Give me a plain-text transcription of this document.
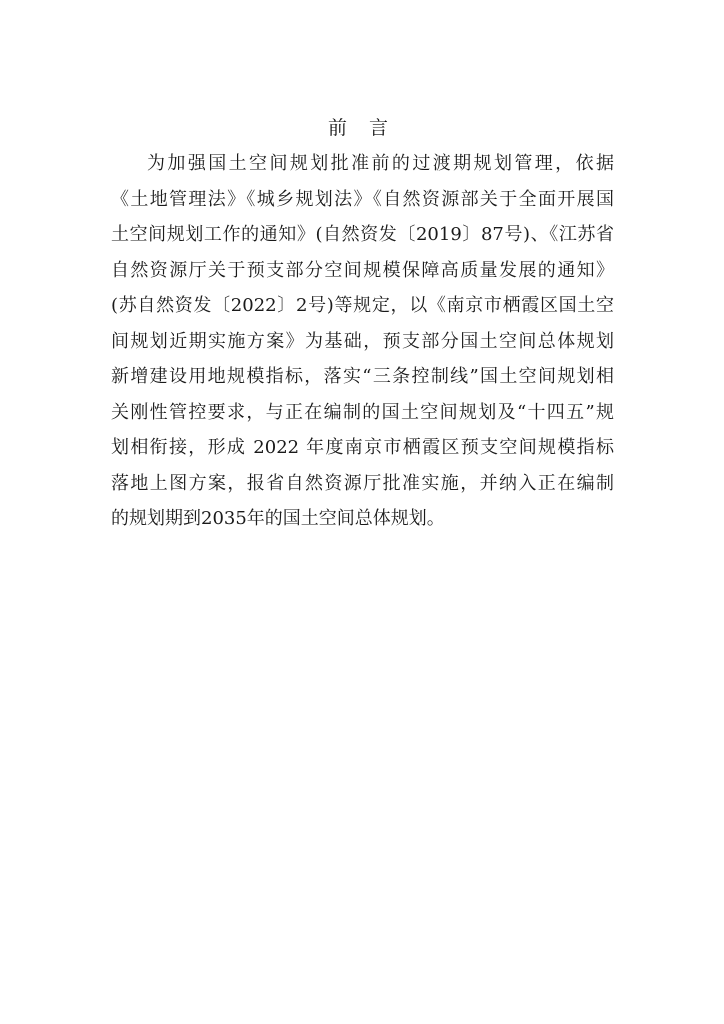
前 言
为加强国土空间规划批准前的过渡期规划管理，依据
《土地管理法》《城乡规划法》《自然资源部关于全面开展国
土空间规划工作的通知》(自然资发〔2019〕87号)、《江苏省
自然资源厅关于预支部分空间规模保障高质量发展的通知》
(苏自然资发〔2022〕2号)等规定，以《南京市栖霞区国土空
间规划近期实施方案》为基础，预支部分国土空间总体规划
新增建设用地规模指标，落实“三条控制线”国土空间规划相
关刚性管控要求，与正在编制的国土空间规划及“十四五”规
划相衔接，形成 2022 年度南京市栖霞区预支空间规模指标
落地上图方案，报省自然资源厅批准实施，并纳入正在编制
的规划期到2035年的国土空间总体规划。
